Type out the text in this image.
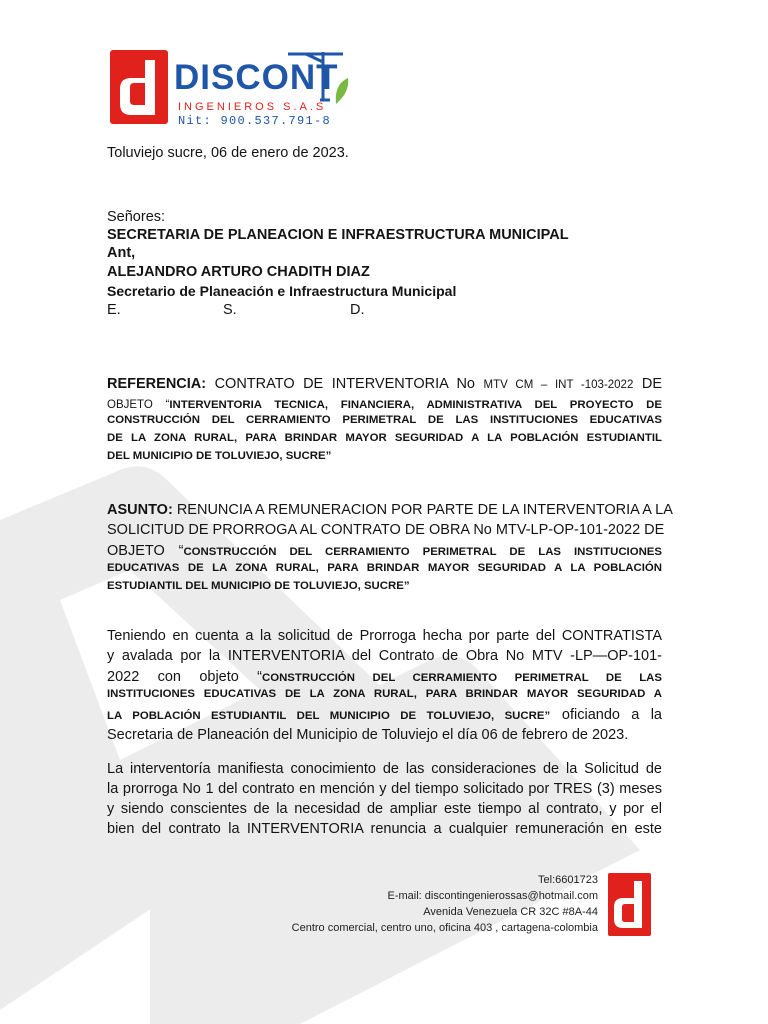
DISCONT
INGENIEROS S.A.S
Nit: 900.537.791-8
Toluviejo sucre, 06 de enero de 2023.
Señores:
SECRETARIA DE PLANEACION E INFRAESTRUCTURA MUNICIPAL
Ant,
ALEJANDRO ARTURO CHADITH DIAZ
Secretario de Planeación e Infraestructura Municipal
E.	S.	D.
REFERENCIA: CONTRATO DE INTERVENTORIA No MTV CM – INT -103-2022 DE
OBJETO “INTERVENTORIA TECNICA, FINANCIERA, ADMINISTRATIVA DEL PROYECTO DE
CONSTRUCCIÓN DEL CERRAMIENTO PERIMETRAL DE LAS INSTITUCIONES EDUCATIVAS
DE LA ZONA RURAL, PARA BRINDAR MAYOR SEGURIDAD A LA POBLACIÓN ESTUDIANTIL
DEL MUNICIPIO DE TOLUVIEJO, SUCRE”
ASUNTO: RENUNCIA A REMUNERACION POR PARTE DE LA INTERVENTORIA A LA
SOLICITUD DE PRORROGA AL CONTRATO DE OBRA No MTV-LP-OP-101-2022 DE
OBJETO “CONSTRUCCIÓN DEL CERRAMIENTO PERIMETRAL DE LAS INSTITUCIONES
EDUCATIVAS DE LA ZONA RURAL, PARA BRINDAR MAYOR SEGURIDAD A LA POBLACIÓN
ESTUDIANTIL DEL MUNICIPIO DE TOLUVIEJO, SUCRE”
Teniendo en cuenta a la solicitud de Prorroga hecha por parte del CONTRATISTA
y avalada por la INTERVENTORIA del Contrato de Obra No MTV -LP—OP-101-
2022 con objeto “CONSTRUCCIÓN DEL CERRAMIENTO PERIMETRAL DE LAS
INSTITUCIONES EDUCATIVAS DE LA ZONA RURAL, PARA BRINDAR MAYOR SEGURIDAD A
LA POBLACIÓN ESTUDIANTIL DEL MUNICIPIO DE TOLUVIEJO, SUCRE” oficiando a la
Secretaria de Planeación del Municipio de Toluviejo el día 06 de febrero de 2023.
La interventoría manifiesta conocimiento de las consideraciones de la Solicitud de
la prorroga No 1 del contrato en mención y del tiempo solicitado por TRES (3) meses
y siendo conscientes de la necesidad de ampliar este tiempo al contrato, y por el
bien del contrato la INTERVENTORIA renuncia a cualquier remuneración en este
Tel:6601723
E-mail: discontingenierossas@hotmail.com
Avenida Venezuela CR 32C #8A-44
Centro comercial, centro uno, oficina 403 , cartagena-colombia
